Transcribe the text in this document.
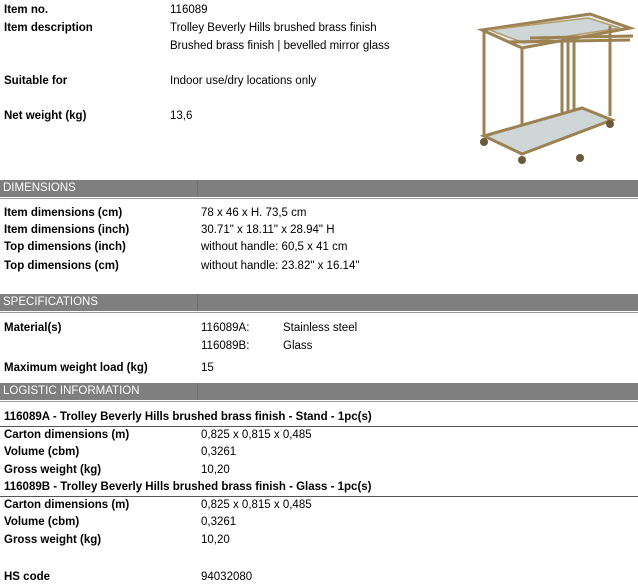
Item no.	116089
Item description	Trolley Beverly Hills brushed brass finish
Brushed brass finish | bevelled mirror glass
Suitable for	Indoor use/dry locations only
Net weight (kg)	13,6
DIMENSIONS
Item dimensions (cm)	78 x 46 x H. 73,5 cm
Item dimensions (inch)	30.71" x 18.11" x 28.94" H
Top dimensions (inch)	without handle: 60,5 x 41 cm
Top dimensions (cm)	without handle: 23.82" x 16.14"
SPECIFICATIONS
Material(s)	116089A:	Stainless steel
116089B:	Glass
Maximum weight load (kg)	15
LOGISTIC INFORMATION
116089A - Trolley Beverly Hills brushed brass finish - Stand - 1pc(s)
Carton dimensions (m)	0,825 x 0,815 x 0,485
Volume (cbm)	0,3261
Gross weight (kg)	10,20
116089B - Trolley Beverly Hills brushed brass finish - Glass - 1pc(s)
Carton dimensions (m)	0,825 x 0,815 x 0,485
Volume (cbm)	0,3261
Gross weight (kg)	10,20
HS code	94032080
